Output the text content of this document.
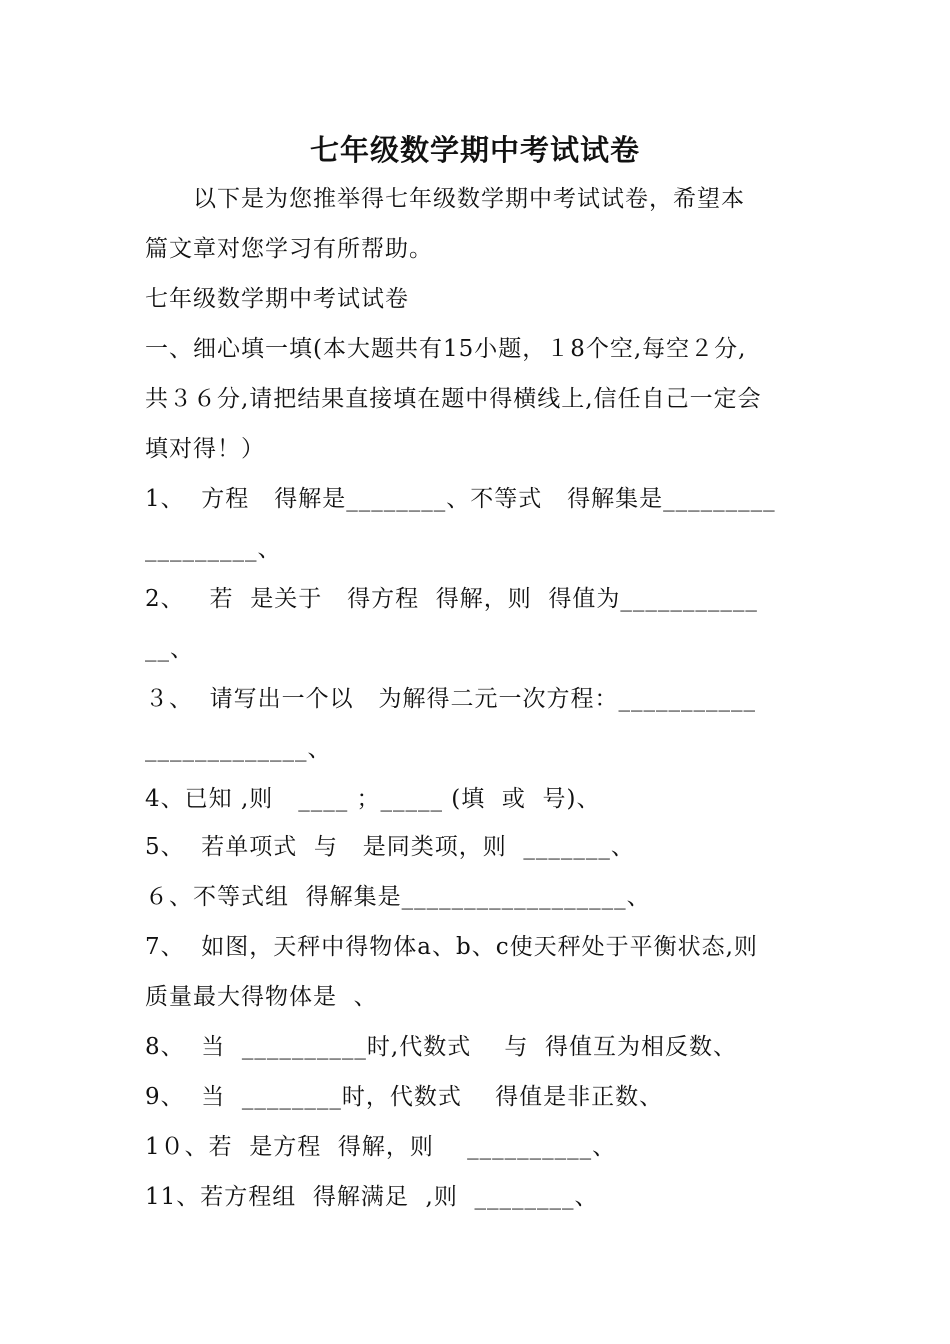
七年级数学期中考试试卷
　　以下是为您推举得七年级数学期中考试试卷，希望本
篇文章对您学习有所帮助。
七年级数学期中考试试卷
一、细心填一填(本大题共有15小题，１8个空,每空２分,
共３６分,请把结果直接填在题中得横线上,信任自己一定会
填对得！）
1、  方程   得解是________、不等式   得解集是_________
_________、
2、   若  是关于   得方程  得解，则  得值为___________
__、
３、  请写出一个以   为解得二元一次方程：___________
_____________、
4、已知 ,则   ____ ；_____ (填  或  号)、
5、  若单项式  与   是同类项，则  _______、
６、不等式组  得解集是__________________、
7、  如图，天秤中得物体a、b、c使天秤处于平衡状态,则
质量最大得物体是  、
8、  当  __________时,代数式    与  得值互为相反数、
9、  当  ________时，代数式    得值是非正数、
1０、若  是方程  得解，则    __________、
11、若方程组  得解满足  ,则  ________、
